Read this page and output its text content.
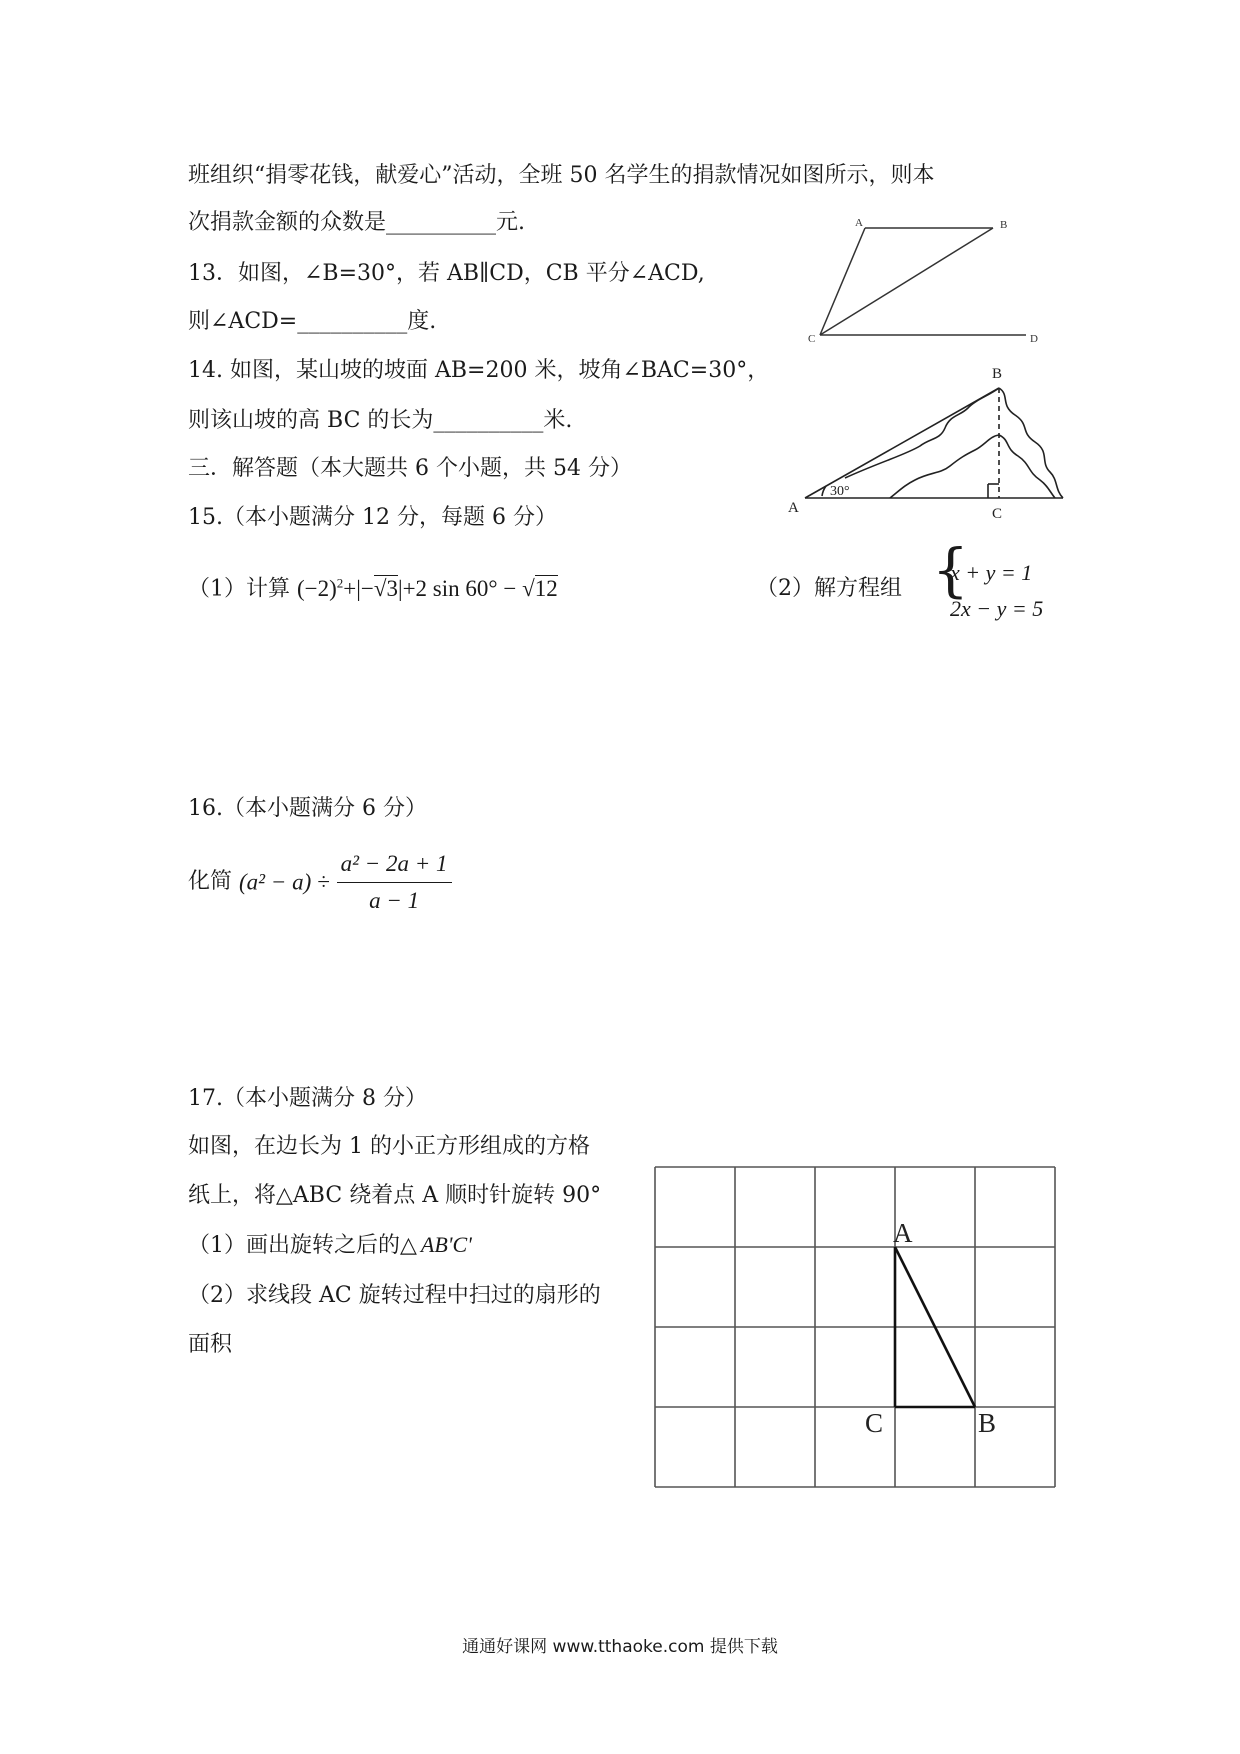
班组织“捐零花钱，献爱心”活动，全班 50 名学生的捐款情况如图所示，则本
次捐款金额的众数是__________元.
13．如图，∠B=30°，若 AB∥CD，CB 平分∠ACD,
则∠ACD=__________度.
A	B
C	D
14. 如图，某山坡的坡面 AB=200 米，坡角∠BAC=30°，
则该山坡的高 BC 的长为__________米.
B
A	C
30°
三．解答题（本大题共 6 个小题，共 54 分）
15.（本小题满分 12 分，每题 6 分）
（1）计算 $(-2)^2+|-√3|+2$ sin 60° − √12	（2）解方程组 {
x + y = 1
2x − y = 5
16.（本小题满分 6 分）
化简 $(a^2 - a) \div \frac{\text{a² − 2a + 1}}{a - 1}$
17.（本小题满分 8 分）
如图，在边长为 1 的小正方形组成的方格
纸上，将△ABC 绕着点 A 顺时针旋转 90°
（1）画出旋转之后的△ AB'C'
（2）求线段 AC 旋转过程中扫过的扇形的
面积
A
C	B
通通好课网 www.tthaoke.com 提供下载
